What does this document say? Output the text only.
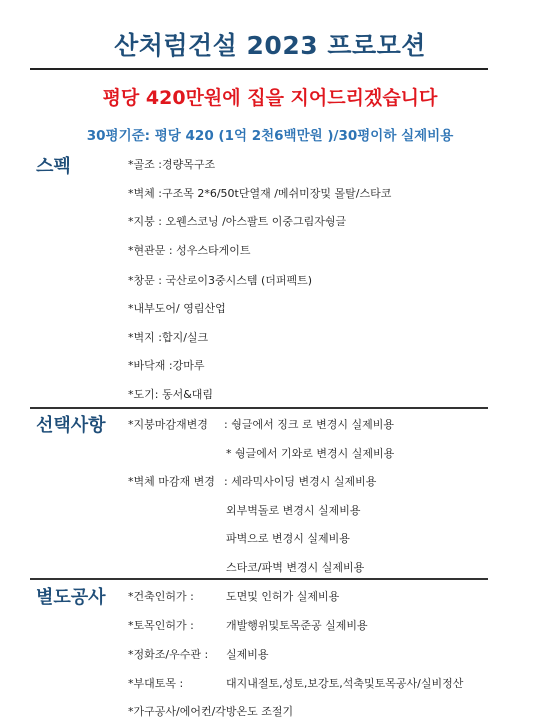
산처럼건설 2023 프로모션
평당 420만원에 집을 지어드리겠습니다
30평기준: 평당 420 (1억 2천6백만원 )/30평이하 실제비용
스펙	*골조 :경량목구조
*벽체 :구조목 2*6/50t단열재 /메쉬미장및 몰탈/스타코
*지붕 : 오웬스코닝 /아스팔트 이중그림자쉉글
*현관문 : 성우스타게이트
*창문 : 국산로이3중시스템 (더퍼펙트)
*내부도어/ 영림산업
*벽지 :합지/실크
*바닥재 :강마루
*도기: 동서&대림
선택사항 *지붕마감재변경 : 쉉글에서 징크 로 변경시 실제비용
* 쉉글에서 기와로 변경시 실제비용
*벽체 마감재 변경 : 세라믹사이딩 변경시 실제비용
외부벽돌로 변경시 실제비용
파벽으로 변경시 실제비용
스타코/파벽 변경시 실제비용
별도공사 *건축인허가 :	도면및 인허가 실제비용
*토목인허가 :	개발행위및토목준공 실제비용
*정화조/우수관 : 실제비용
*부대토목 :	대지내절토,성토,보강토,석축및토목공사/실비정산
*가구공사/에어컨/각방온도 조절기
